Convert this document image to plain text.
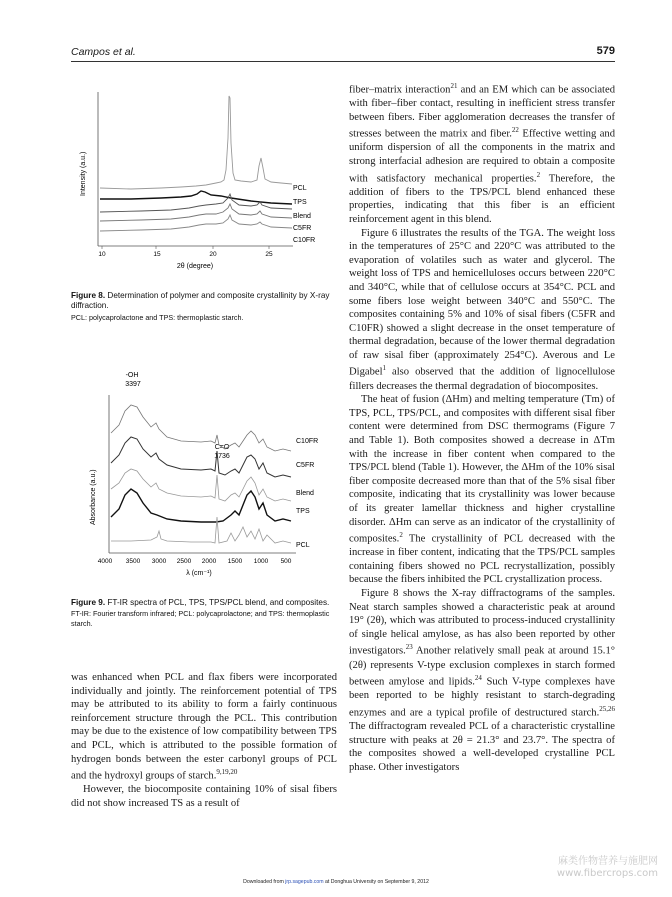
Campos et al.	579
Intensity (a.u.)
10	15	20	25
2θ (degree)
PCL
TPS
Blend
C5FR
C10FR
Figure 8. Determination of polymer and composite crystallinity by X-ray diffraction.
PCL: polycaprolactone and TPS: thermoplastic starch.
Absorbance (a.u.)
4000 3500 3000 2500 2000 1500 1000 500
λ (cm⁻¹)
-OH
3397
C=O
1736
C10FR
C5FR
Blend
TPS
PCL
Figure 9. FT-IR spectra of PCL, TPS, TPS/PCL blend, and composites.
FT-IR: Fourier transform infrared; PCL: polycaprolactone; and TPS: thermoplastic starch.

was enhanced when PCL and flax fibers were incorporated individually and jointly. The reinforcement potential of TPS may be attributed to its ability to form a fairly continuous reinforcement structure through the PCL. This contribution may be due to the existence of low compatibility between TPS and PCL, which is attributed to the possible formation of hydrogen bonds between the ester carbonyl groups of PCL and the hydroxyl groups of starch.$^{9,19,20}$

However, the biocomposite containing 10% of sisal fibers did not show increased TS as a result of

fiber–matrix interaction$^{21}$ and an EM which can be associated with fiber–fiber contact, resulting in inefficient stress transfer between fibers. Fiber agglomeration decreases the transfer of stresses between the matrix and fiber.$^{22}$ Effective wetting and uniform dispersion of all the components in the matrix and strong interfacial adhesion are required to obtain a composite with satisfactory mechanical properties.$^2$ Therefore, the addition of fibers to the TPS/PCL blend enhanced these properties, indicating that this fiber is an efficient reinforcement agent in this blend.

Figure 6 illustrates the results of the TGA. The weight loss in the temperatures of 25°C and 220°C was attributed to the evaporation of volatiles such as water and glycerol. The weight loss of TPS and hemicelluloses occurs between 220°C and 340°C, while that of cellulose occurs at 354°C. PCL and some fibers lose weight between 340°C and 550°C. The composites containing 5% and 10% of sisal fibers (C5FR and C10FR) showed a slight decrease in the onset temperature of thermal degradation, because of the lower thermal degradation of raw sisal fiber (approximately 254°C). Averous and Le Digabel$^1$ also observed that the addition of lignocellulose fillers decreases the thermal degradation of biocomposites.

The heat of fusion (ΔHm) and melting temperature (Tm) of TPS, PCL, TPS/PCL, and composites with different sisal fiber content were determined from DSC thermograms (Figure 7 and Table 1). Both composites showed a decrease in ΔTm with the increase in fiber content when compared to the TPS/PCL blend (Table 1). However, the ΔHm of the 10% sisal fiber composite decreased more than that of the 5% sisal fiber composite, indicating that its crystallinity was lower because of its greater lamellar thickness and higher crystalline disorder. ΔHm can serve as an indicator of the crystallinity of composites.$^2$ The crystallinity of PCL decreased with the increase in fiber content, indicating that the TPS/PCL samples containing fibers showed no PCL recrystallization, possibly because the fibers inhibited the PCL crystallization process.

Figure 8 shows the X-ray diffractograms of the samples. Neat starch samples showed a characteristic peak at around 19° (2θ), which was attributed to process-induced crystallinity of single helical amylose, as has also been reported by other investigators.$^{23}$ Another relatively small peak at around 15.1° (2θ) represents V-type exclusion complexes in starch formed between amylose and lipids.$^{24}$ Such V-type complexes have been reported to be highly resistant to starch-degrading enzymes and are a typical profile of destructured starch.$^{25,26}$ The diffractogram revealed PCL of a characteristic crystalline structure with peaks at 2θ = 21.3° and 23.7°. The spectra of the composites showed a well-developed crystalline PCL phase. Other investigators

Downloaded from jrp.sagepub.com at Donghua University on September 9, 2012
麻类作物营养与施肥网
www.fibercrops.com
